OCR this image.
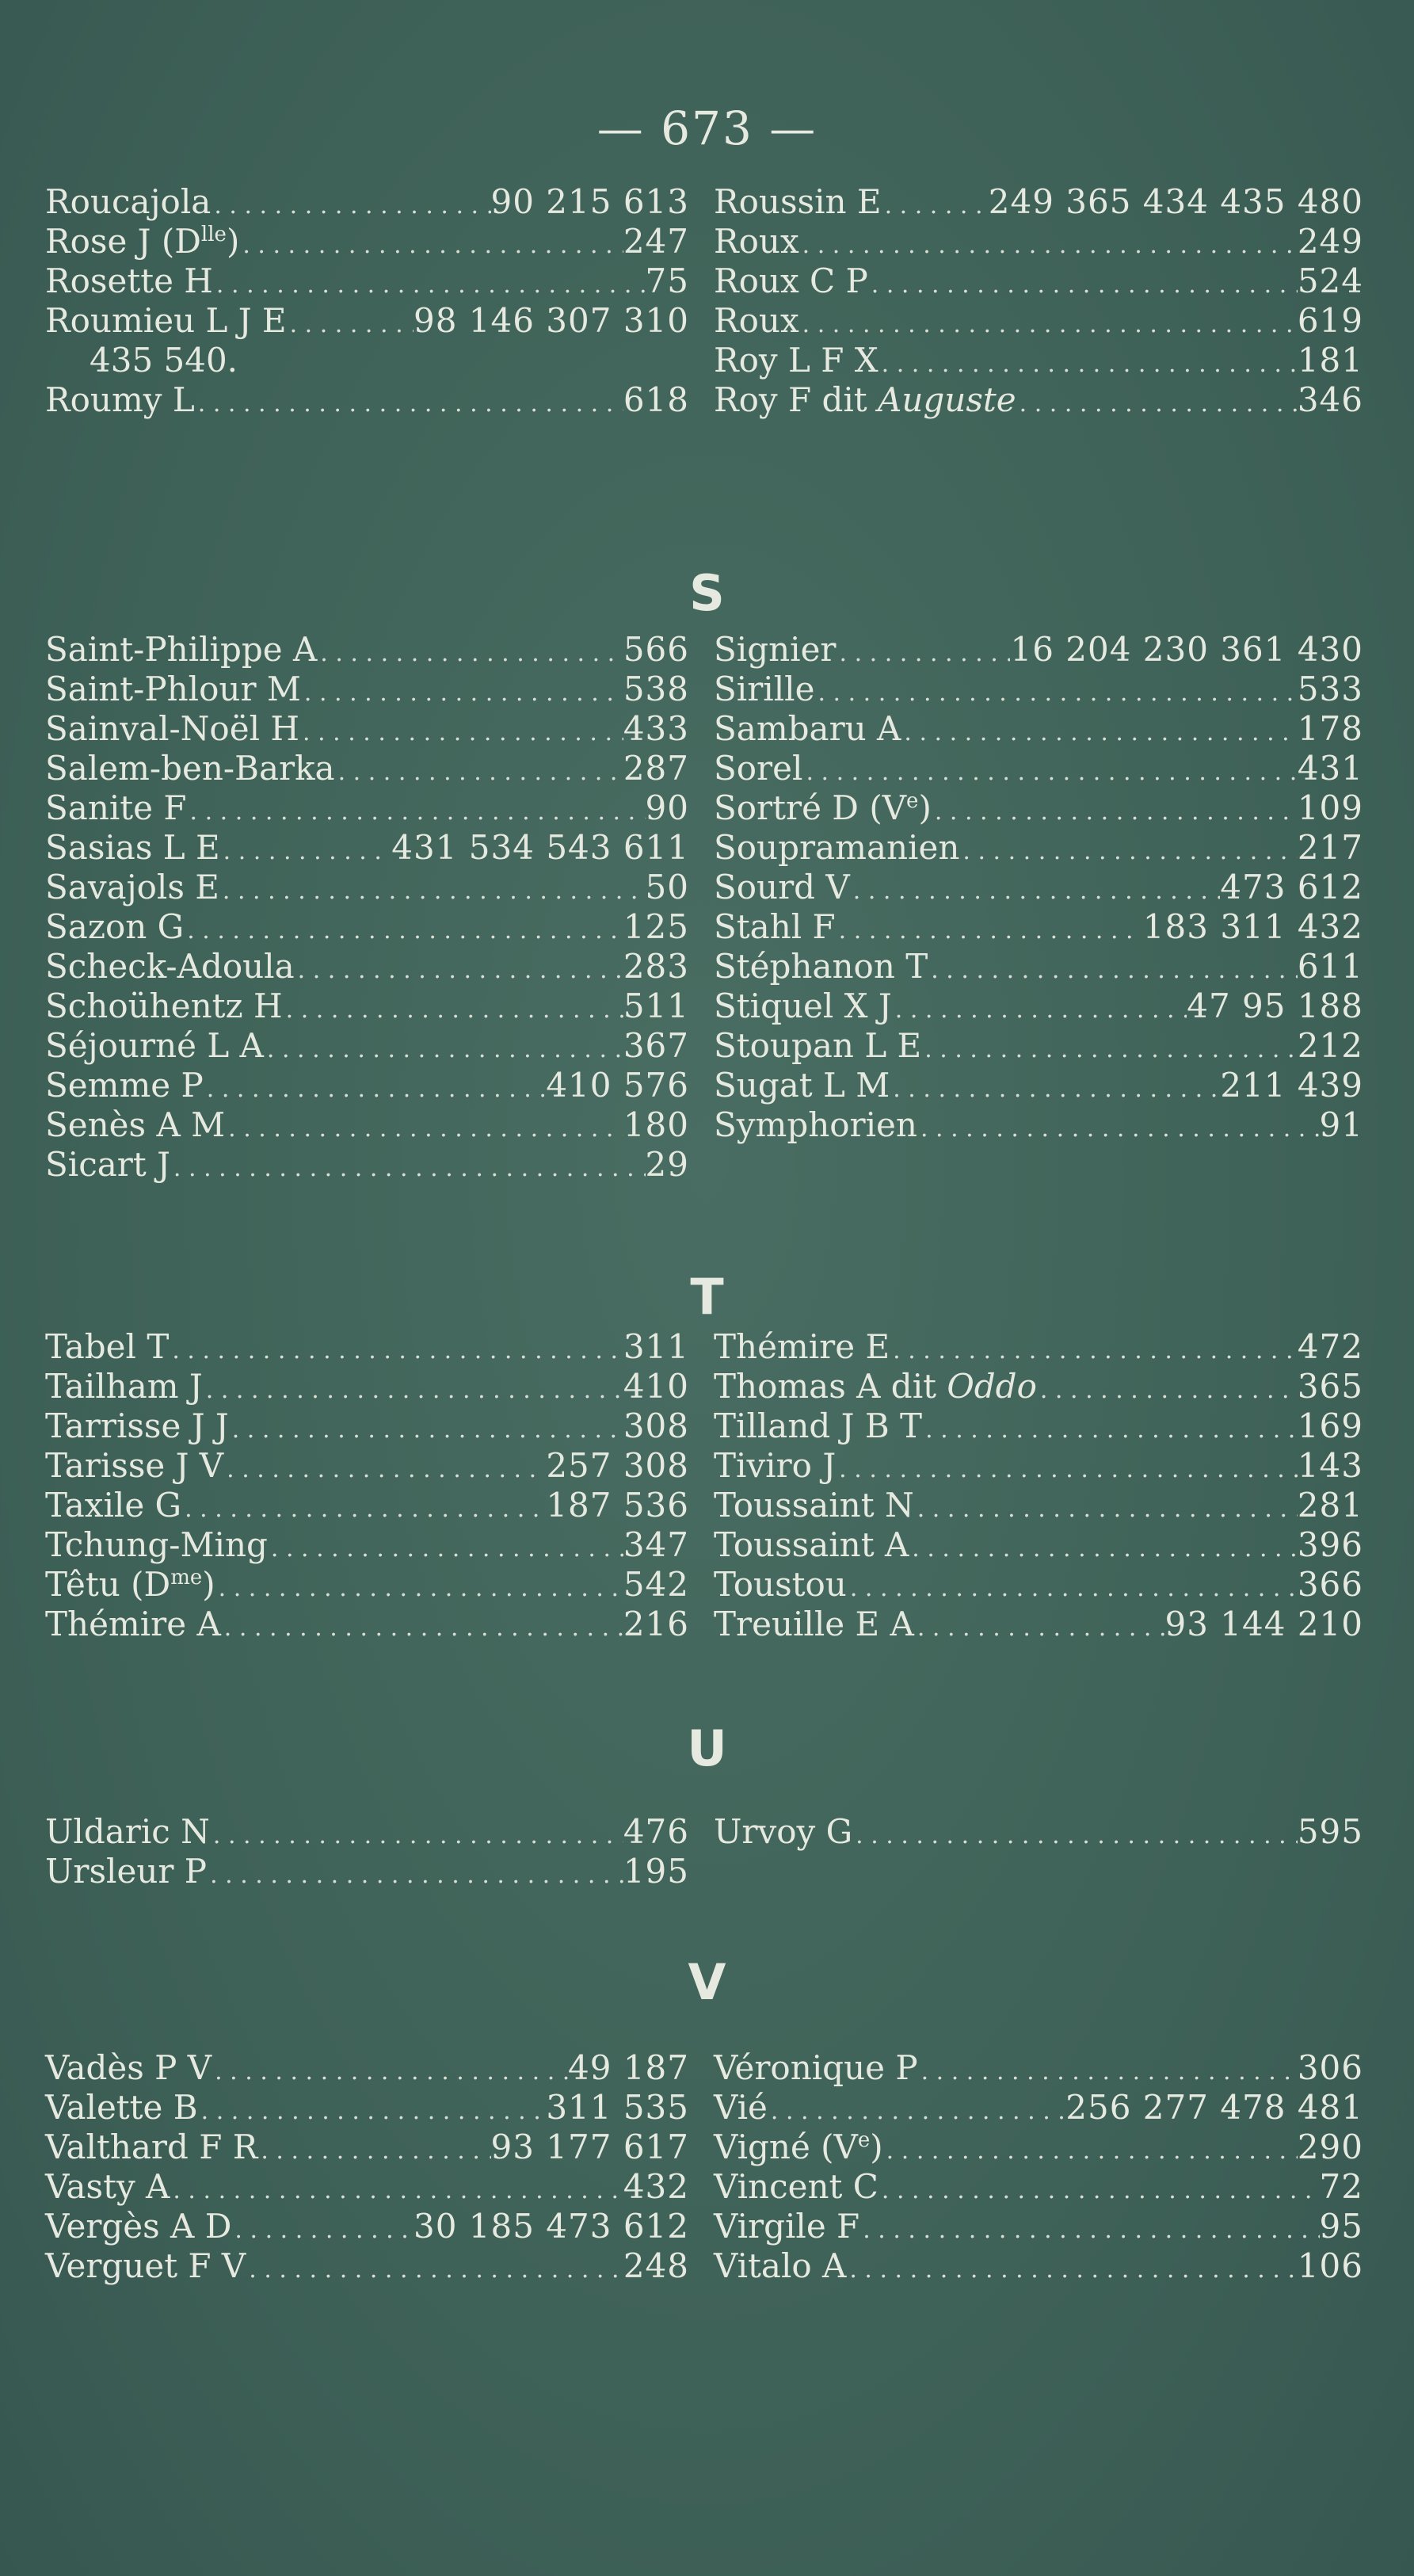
— 673 —
Roucajola . . .	90 215 613
Rose J $(D^{lle})$ . . .	247
Rosette H . . .	75
Roumieu L J E . . .	98 146 307 310
435 540.
Roumy L . . .	618
Roussin E . . .	249 365 434 435 480
Roux . . .	249
Roux C P . . .	524
Roux . . .	619
Roy L F X . . .	181
Roy F dit Auguste . . .	346
S
Saint-Philippe A . . .	566
Saint-Phlour M . . .	538
Sainval-Noël H . . .	433
Salem-ben-Barka . . .	287
Sanite F . . .	90
Sasias L E . . .	431 534 543 611
Savajols E . . .	50
Sazon G . . .	125
Scheck-Adoula . . .	283
Schoühentz H . . .	511
Séjourné L A . . .	367
Semme P . . .	410 576
Senès A M . . .	180
Sicart J . . .	29
Signier . . .	16 204 230 361 430
Sirille . . .	533
Sambaru A . . .	178
Sorel . . .	431
Sortré D (Ve) . . .	109
Soupramanien . . .	217
Sourd V . . .	473 612
Stahl F . . .	183 311 432
Stéphanon T . . .	611
Stiquel X J . . .	47 95 188
Stoupan L E . . .	212
Sugat L M . . .	211 439
Symphorien . . .	91
T
Tabel T . . .	311
Tailham J . . .	410
Tarrisse J J . . .	308
Tarisse J V . . .	257 308
Taxile G . . .	187 536
Tchung-Ming . . .	347
Têtu $(D^{me})$ . . .	542
Thémire A . . .	216
Thémire E . . .	472
Thomas A dit Oddo . . .	365
Tilland J B T . . .	169
Tiviro J . . .	143
Toussaint N . . .	281
Toussaint A . . .	396
Toustou . . .	366
Treuille E A . . .	93 144 210
U
Uldaric N . . .	476
Ursleur P . . .	195
Urvoy G . . .	595
V
Vadès P V . . .	49 187
Valette B . . .	311 535
Valthard F R . . .	93 177 617
Vasty A . . .	432
Vergès A D . . .	30 185 473 612
Verguet F V . . .	248
Véronique P . . .	306
Vié . . .	256 277 478 481
Vigné (Ve) . . .	290
Vincent C . . .	72
Virgile F . . .	95
Vitalo A . . .	106
